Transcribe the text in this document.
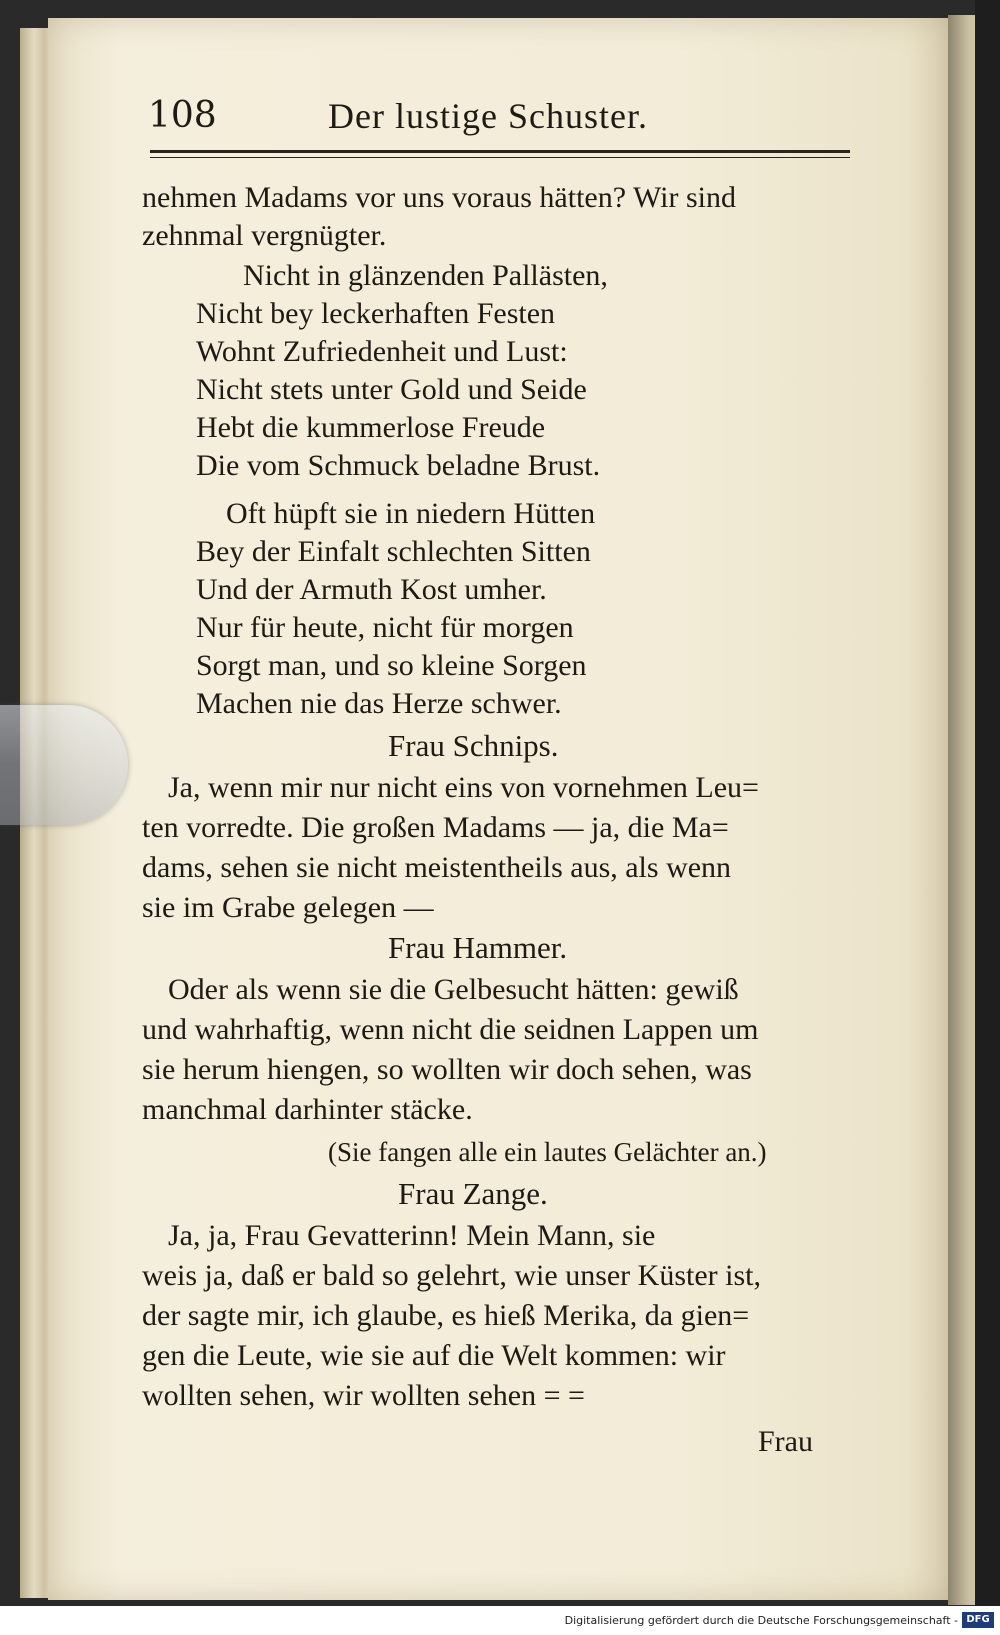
108	Der lustige Schuster.
nehmen Madams vor uns voraus hätten? Wir sind
zehnmal vergnügter.
Nicht in glänzenden Pallästen,
Nicht bey leckerhaften Festen
Wohnt Zufriedenheit und Lust:
Nicht stets unter Gold und Seide
Hebt die kummerlose Freude
Die vom Schmuck beladne Brust.
Oft hüpft sie in niedern Hütten
Bey der Einfalt schlechten Sitten
Und der Armuth Kost umher.
Nur für heute, nicht für morgen
Sorgt man, und so kleine Sorgen
Machen nie das Herze schwer.
Frau Schnips.
Ja, wenn mir nur nicht eins von vornehmen Leu=
ten vorredte. Die großen Madams — ja, die Ma=
dams, sehen sie nicht meistentheils aus, als wenn
sie im Grabe gelegen —
Frau Hammer.
Oder als wenn sie die Gelbesucht hätten: gewiß
und wahrhaftig, wenn nicht die seidnen Lappen um
sie herum hiengen, so wollten wir doch sehen, was
manchmal darhinter stäcke.
(Sie fangen alle ein lautes Gelächter an.)
Frau Zange.
Ja, ja, Frau Gevatterinn! Mein Mann, sie
weis ja, daß er bald so gelehrt, wie unser Küster ist,
der sagte mir, ich glaube, es hieß Merika, da gien=
gen die Leute, wie sie auf die Welt kommen: wir
wollten sehen, wir wollten sehen = =
Frau
Digitalisierung gefördert durch die Deutsche Forschungsgemeinschaft - DFG
